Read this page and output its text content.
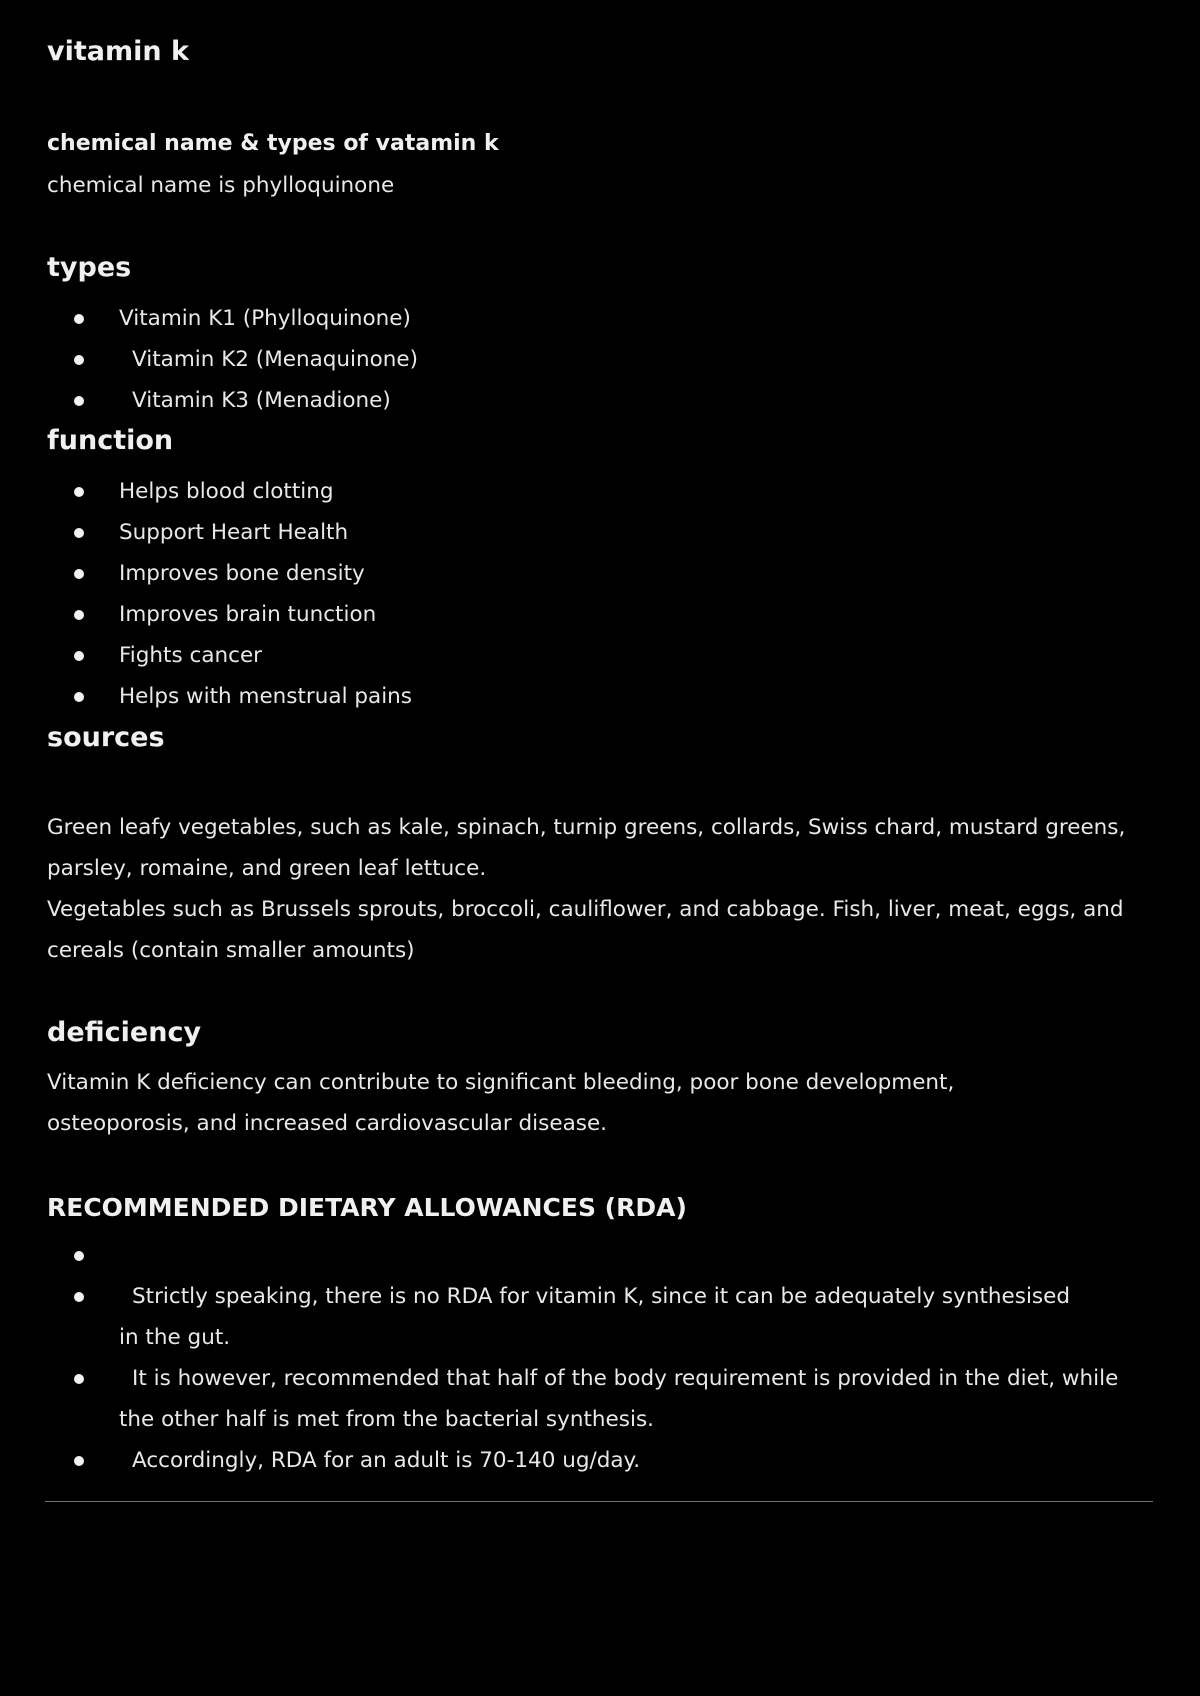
vitamin k
chemical name & types of vatamin k

chemical name is phylloquinone

types
Vitamin K1 (Phylloquinone)
Vitamin K2 (Menaquinone)
Vitamin K3 (Menadione)
function
Helps blood clotting
Support Heart Health
Improves bone density
Improves brain tunction
Fights cancer
Helps with menstrual pains
sources

Green leafy vegetables, such as kale, spinach, turnip greens, collards, Swiss chard, mustard greens, parsley, romaine, and green leaf lettuce.

Vegetables such as Brussels sprouts, broccoli, cauliflower, and cabbage. Fish, liver, meat, eggs, and cereals (contain smaller amounts)

deficiency

Vitamin K deficiency can contribute to significant bleeding, poor bone development, osteoporosis, and increased cardiovascular disease.

RECOMMENDED DIETARY ALLOWANCES (RDA)
Strictly speaking, there is no RDA for vitamin K, since it can be adequately synthesised in the gut.
It is however, recommended that half of the body requirement is provided in the diet, while the other half is met from the bacterial synthesis.
Accordingly, RDA for an adult is 70-140 ug/day.
